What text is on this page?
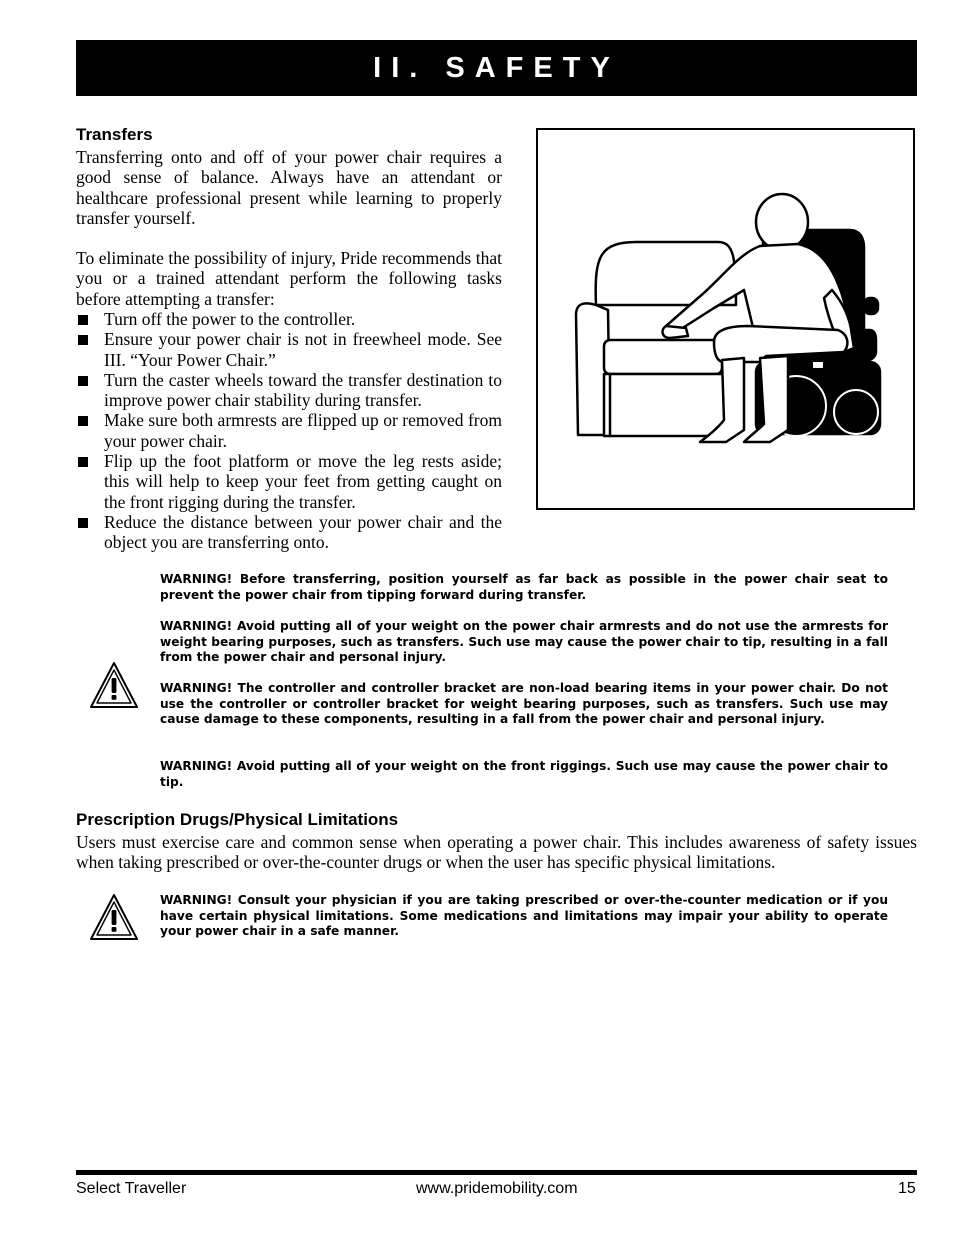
II. SAFETY
Transfers

Transferring onto and off of your power chair requires a good sense of balance. Always have an attendant or healthcare professional present while learning to properly transfer yourself.

To eliminate the possibility of injury, Pride recommends that you or a trained attendant perform the following tasks before attempting a transfer:

Turn off the power to the controller.
Ensure your power chair is not in freewheel mode. See III. “Your Power Chair.”
Turn the caster wheels toward the transfer destination to improve power chair stability during transfer.
Make sure both armrests are flipped up or removed from your power chair.
Flip up the foot platform or move the leg rests aside; this will help to keep your feet from getting caught on the front rigging during the transfer.
Reduce the distance between your power chair and the object you are transferring onto.

WARNING! Before transferring, position yourself as far back as possible in the power chair seat to prevent the power chair from tipping forward during transfer.

WARNING! Avoid putting all of your weight on the power chair armrests and do not use the armrests for weight bearing purposes, such as transfers. Such use may cause the power chair to tip, resulting in a fall from the power chair and personal injury.

WARNING! The controller and controller bracket are non-load bearing items in your power chair. Do not use the controller or controller bracket for weight bearing purposes, such as transfers. Such use may cause damage to these components, resulting in a fall from the power chair and personal injury.

WARNING! Avoid putting all of your weight on the front riggings. Such use may cause the power chair to tip.

Prescription Drugs/Physical Limitations

Users must exercise care and common sense when operating a power chair. This includes awareness of safety issues when taking prescribed or over-the-counter drugs or when the user has specific physical limitations.

WARNING! Consult your physician if you are taking prescribed or over-the-counter medication or if you have certain physical limitations. Some medications and limitations may impair your ability to operate your power chair in a safe manner.

Select Traveller	www.pridemobility.com	15
